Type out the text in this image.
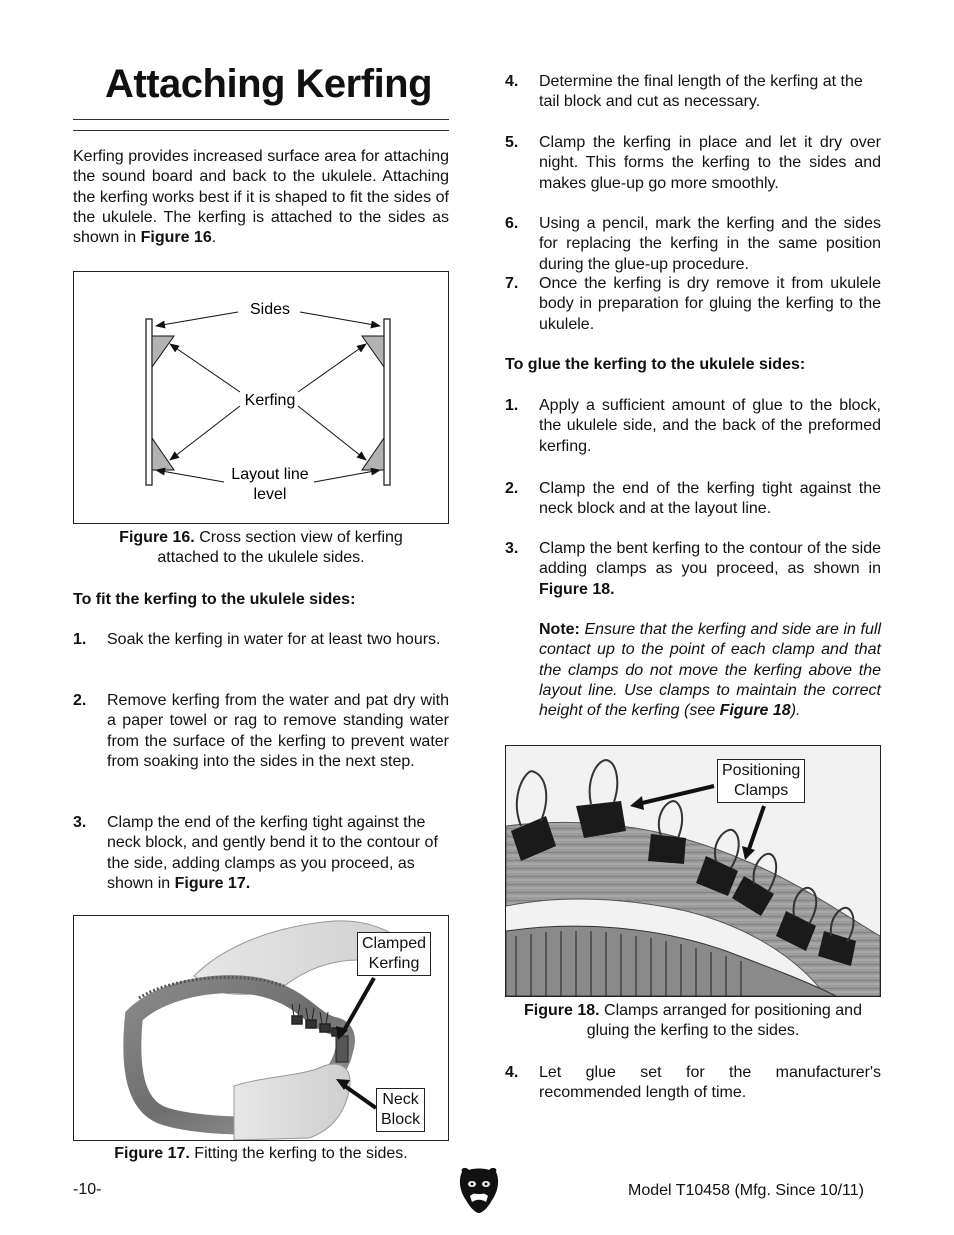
Attaching Kerfing

Kerfing provides increased surface area for attaching the sound board and back to the ukulele. Attaching the kerfing works best if it is shaped to fit the sides of the ukulele. The kerfing is attached to the sides as shown in Figure 16.

Sides
Kerfing
Layout line
level
Figure 16. Cross section view of kerfing
attached to the ukulele sides.
To fit the kerfing to the ukulele sides:
1.	Soak the kerfing in water for at least two hours.
2.	Remove kerfing from the water and pat dry with a paper towel or rag to remove standing water from the surface of the kerfing to prevent water from soaking into the sides in the next step.
3.	Clamp the end of the kerfing tight against the neck block, and gently bend it to the contour of the side, adding clamps as you proceed, as shown in Figure 17.
Clamped
Kerfing
Neck
Block
Figure 17. Fitting the kerfing to the sides.
4.	Determine the final length of the kerfing at the tail block and cut as necessary.
5.	Clamp the kerfing in place and let it dry over night. This forms the kerfing to the sides and makes glue-up go more smoothly.
6.	Using a pencil, mark the kerfing and the sides for replacing the kerfing in the same position during the glue-up procedure.
7.	Once the kerfing is dry remove it from ukulele body in preparation for gluing the kerfing to the ukulele.
To glue the kerfing to the ukulele sides:
1.	Apply a sufficient amount of glue to the block, the ukulele side, and the back of the preformed kerfing.
2.	Clamp the end of the kerfing tight against the neck block and at the layout line.
3.	Clamp the bent kerfing to the contour of the side adding clamps as you proceed, as shown in Figure 18.
Note: Ensure that the kerfing and side are in full contact up to the point of each clamp and that the clamps do not move the kerfing above the layout line. Use clamps to maintain the correct height of the kerfing (see Figure 18).
Positioning
Clamps
Figure 18. Clamps arranged for positioning and
gluing the kerfing to the sides.
4.	Let glue set for the manufacturer's recommended length of time.
-10-	Model T10458 (Mfg. Since 10/11)
